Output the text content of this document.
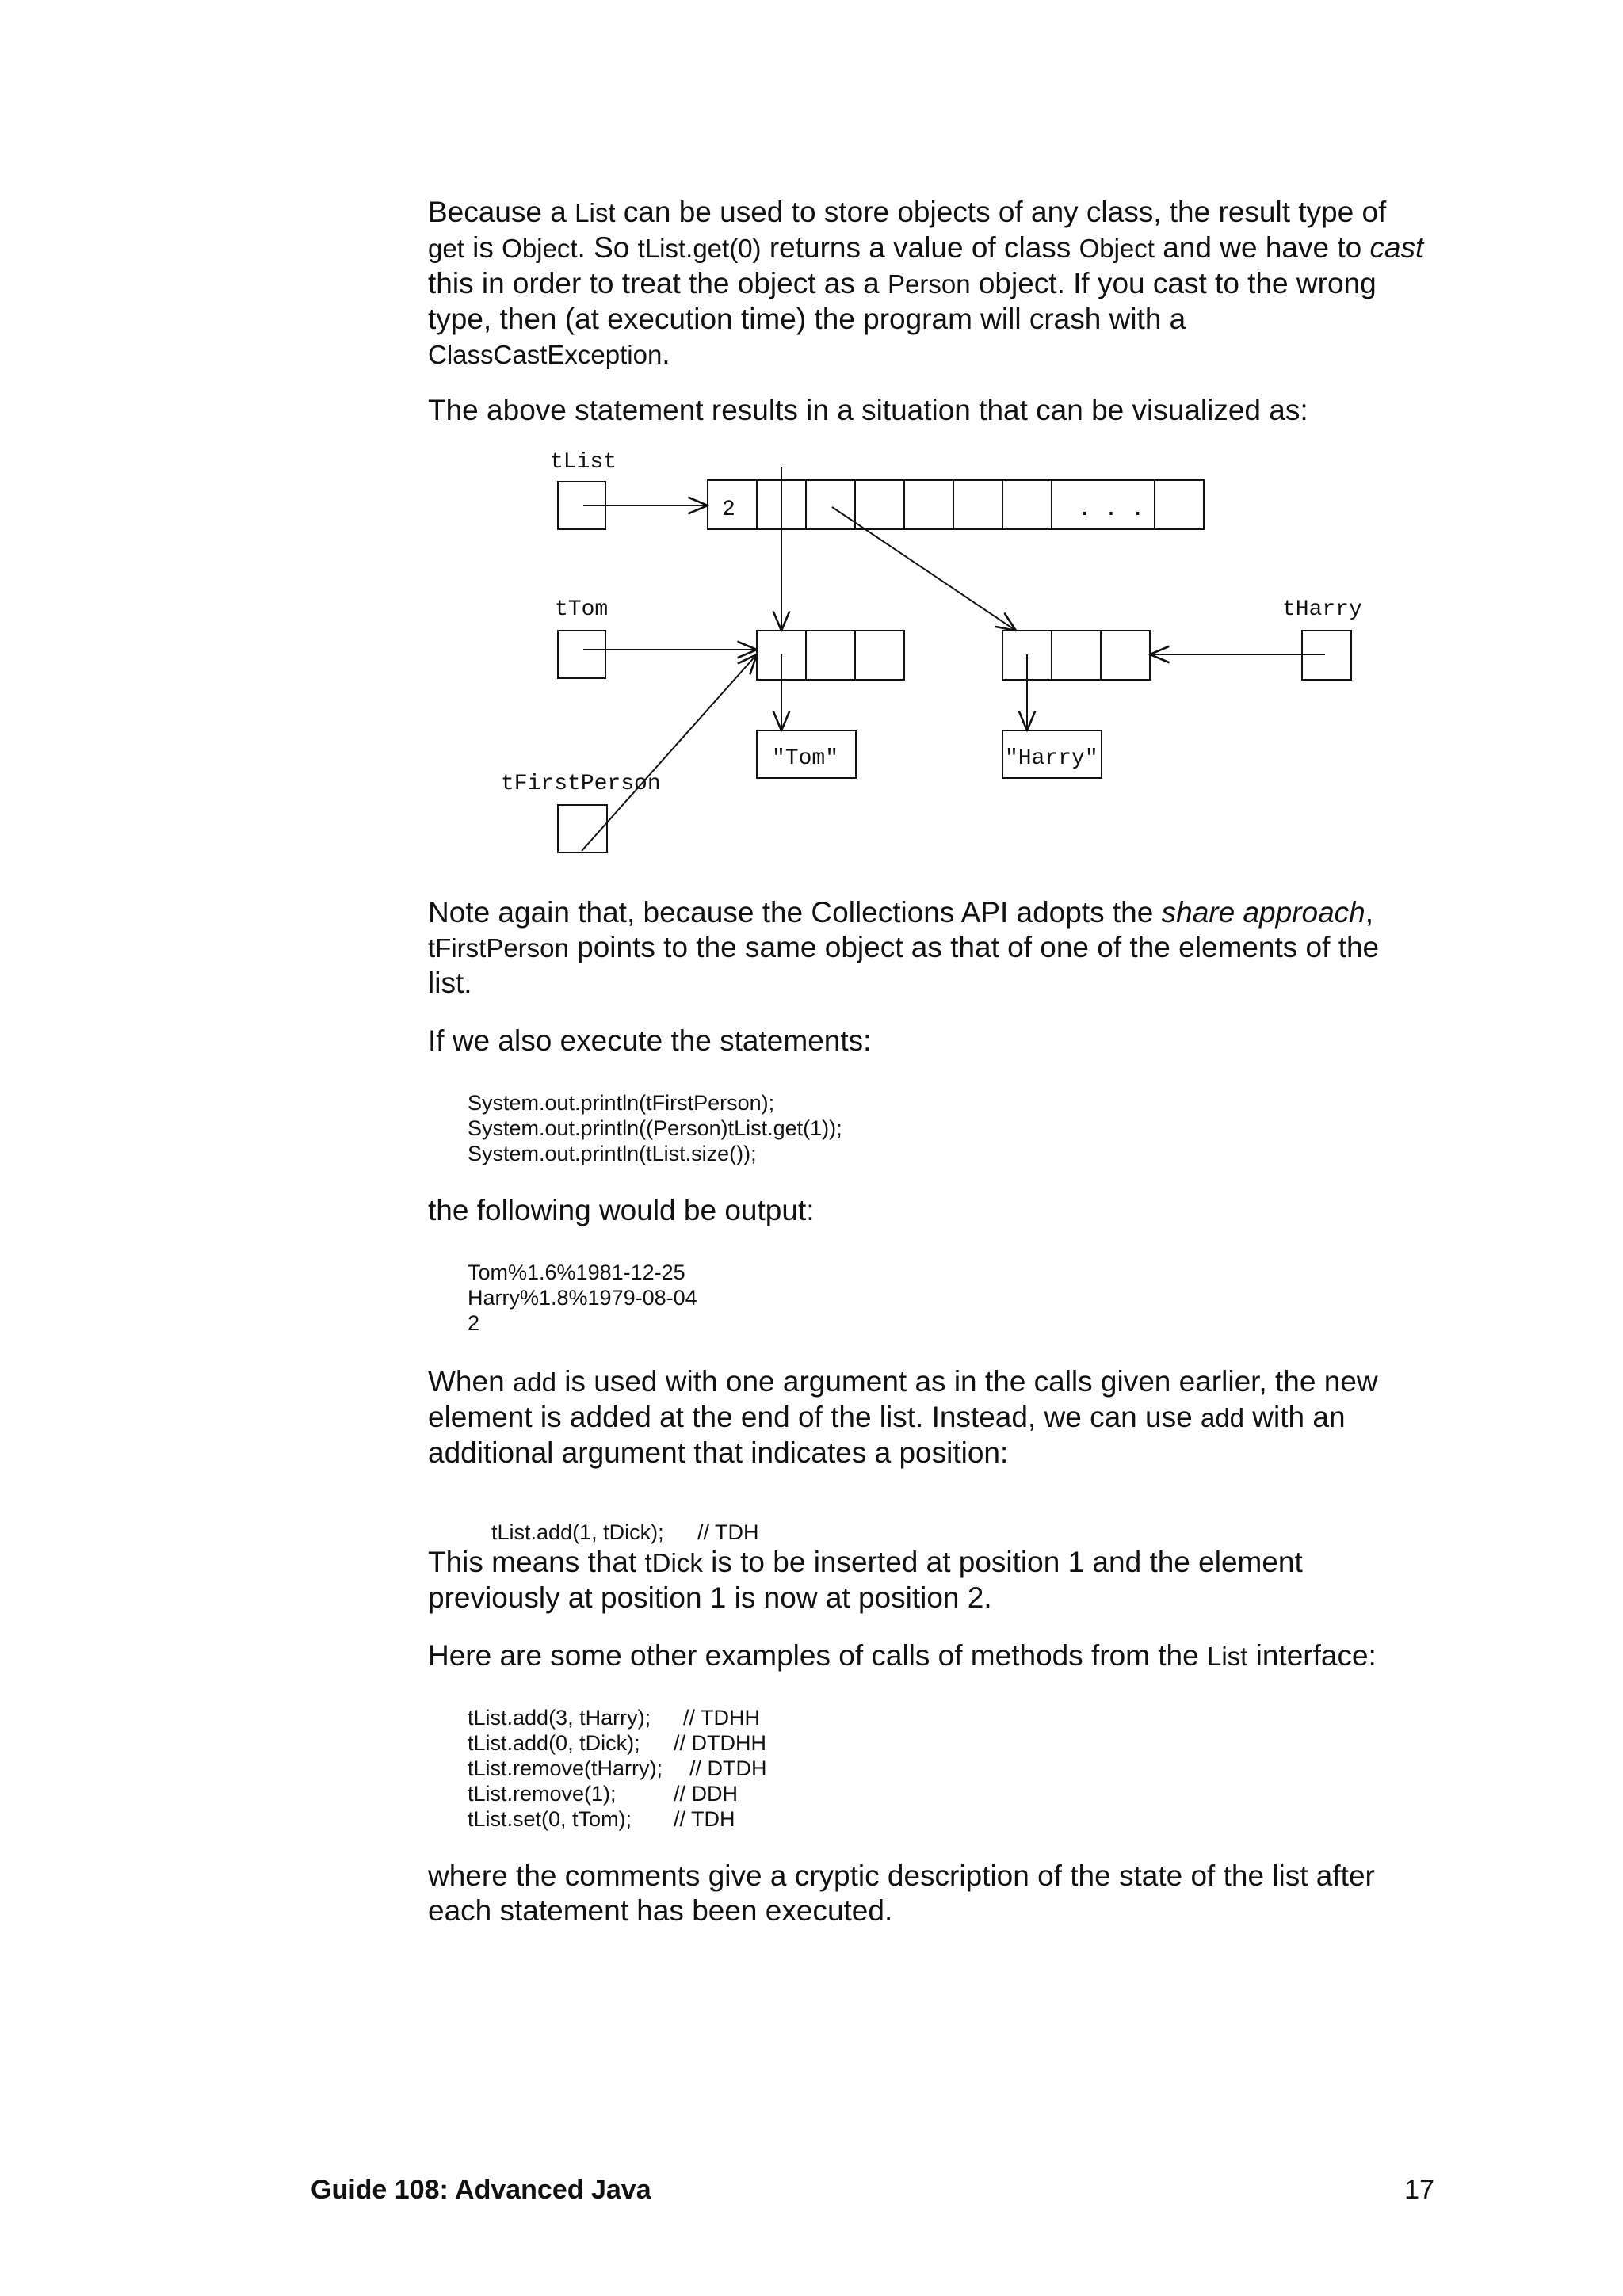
Because a List can be used to store objects of any class, the result type of get is Object. So tList.get(0) returns a value of class Object and we have to cast this in order to treat the object as a Person object. If you cast to the wrong type, then (at execution time) the program will crash with a ClassCastException.

The above statement results in a situation that can be visualized as:

tList
2	. . .
tTom	tHarry
"Tom"	"Harry"
tFirstPerson

Note again that, because the Collections API adopts the share approach, tFirstPerson points to the same object as that of one of the elements of the list.

If we also execute the statements:

System.out.println(tFirstPerson);
System.out.println((Person)tList.get(1));
System.out.println(tList.size());

the following would be output:

Tom%1.6%1981-12-25
Harry%1.8%1979-08-04
2

When add is used with one argument as in the calls given earlier, the new element is added at the end of the list. Instead, we can use add with an additional argument that indicates a position:

tList.add(1, tDick); // TDH

This means that tDick is to be inserted at position 1 and the element previously at position 1 is now at position 2.

Here are some other examples of calls of methods from the List interface:

tList.add(3, tHarry); // TDHH
tList.add(0, tDick); // DTDHH
tList.remove(tHarry); // DTDH
tList.remove(1);	// DDH
tList.set(0, tTom); // TDH

where the comments give a cryptic description of the state of the list after each statement has been executed.

Guide 108: Advanced Java	17
